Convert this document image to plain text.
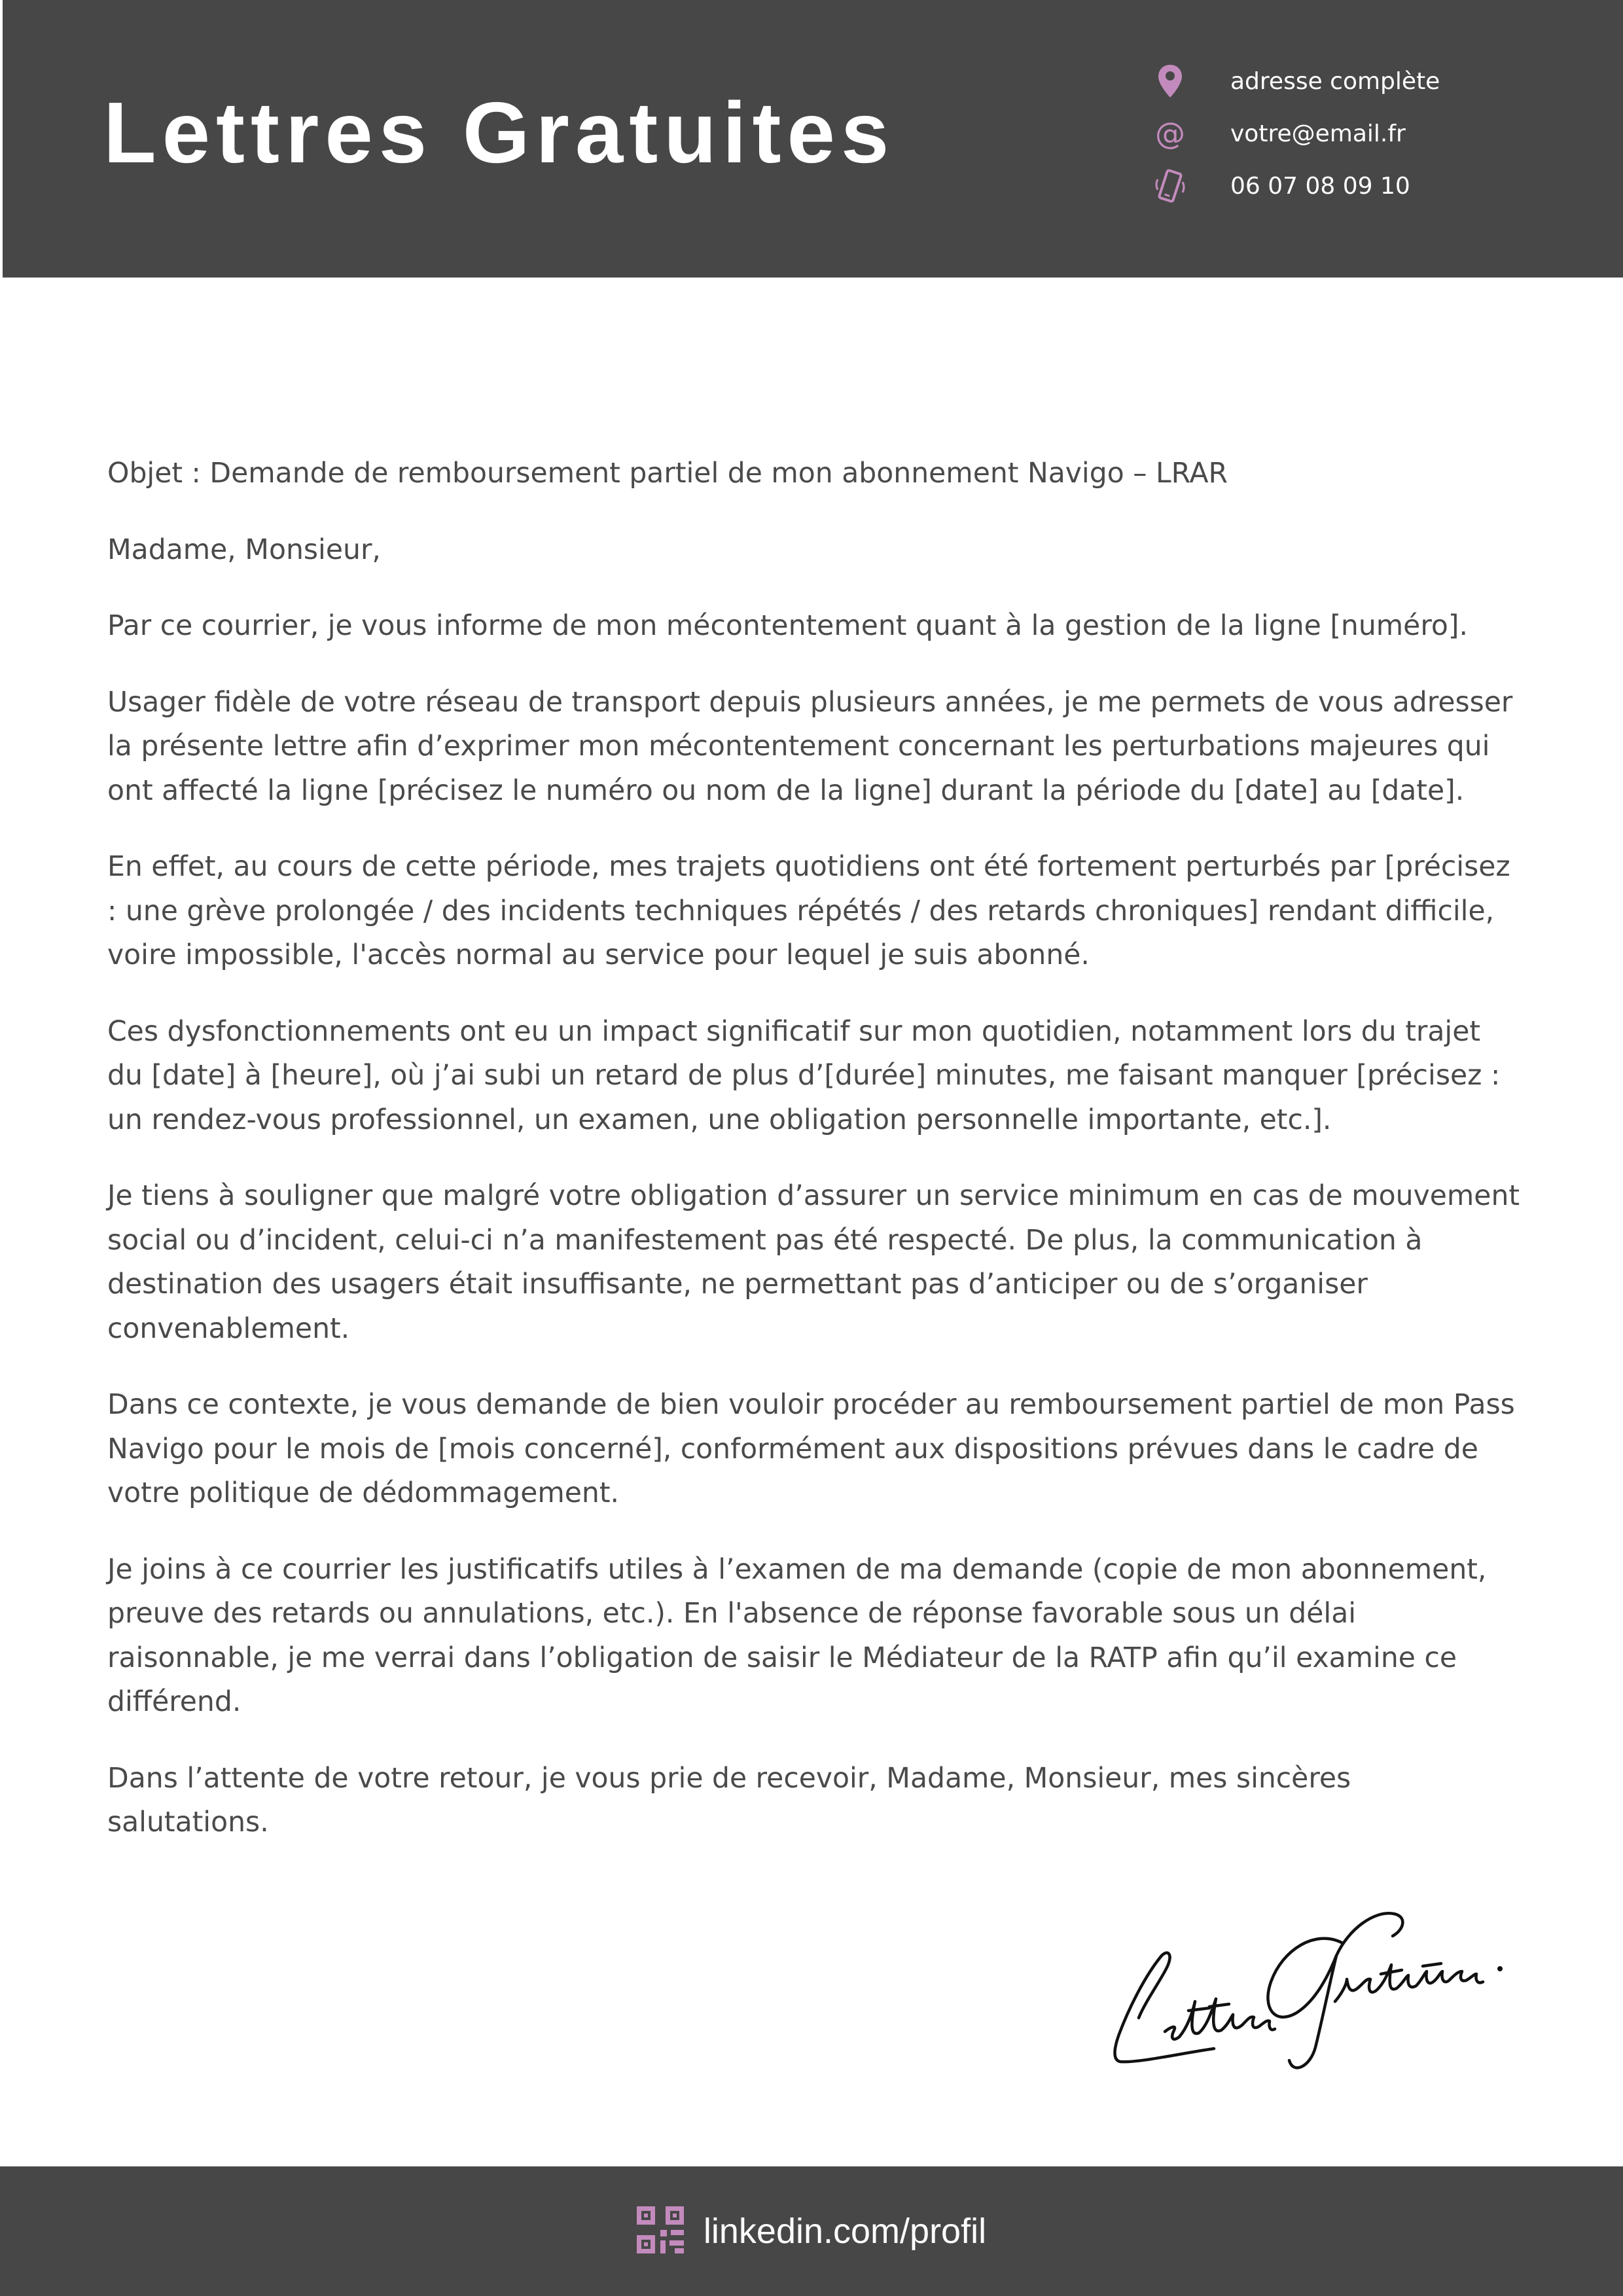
Lettres Gratuites
adresse complète
@ votre@email.fr
06 07 08 09 10

Objet : Demande de remboursement partiel de mon abonnement Navigo – LRAR

Madame, Monsieur,

Par ce courrier, je vous informe de mon mécontentement quant à la gestion de la ligne [numéro].

Usager fidèle de votre réseau de transport depuis plusieurs années, je me permets de vous adresser la présente lettre afin d’exprimer mon mécontentement concernant les perturbations majeures qui ont affecté la ligne [précisez le numéro ou nom de la ligne] durant la période du [date] au [date].

En effet, au cours de cette période, mes trajets quotidiens ont été fortement perturbés par [précisez : une grève prolongée / des incidents techniques répétés / des retards chroniques] rendant difficile, voire impossible, l'accès normal au service pour lequel je suis abonné.

Ces dysfonctionnements ont eu un impact significatif sur mon quotidien, notamment lors du trajet du [date] à [heure], où j’ai subi un retard de plus d’[durée] minutes, me faisant manquer [précisez : un rendez-vous professionnel, un examen, une obligation personnelle importante, etc.].

Je tiens à souligner que malgré votre obligation d’assurer un service minimum en cas de mouvement social ou d’incident, celui-ci n’a manifestement pas été respecté. De plus, la communication à destination des usagers était insuffisante, ne permettant pas d’anticiper ou de s’organiser convenablement.

Dans ce contexte, je vous demande de bien vouloir procéder au remboursement partiel de mon Pass Navigo pour le mois de [mois concerné], conformément aux dispositions prévues dans le cadre de votre politique de dédommagement.

Je joins à ce courrier les justificatifs utiles à l’examen de ma demande (copie de mon abonnement, preuve des retards ou annulations, etc.). En l'absence de réponse favorable sous un délai raisonnable, je me verrai dans l’obligation de saisir le Médiateur de la RATP afin qu’il examine ce différend.

Dans l’attente de votre retour, je vous prie de recevoir, Madame, Monsieur, mes sincères salutations.

linkedin.com/profil
